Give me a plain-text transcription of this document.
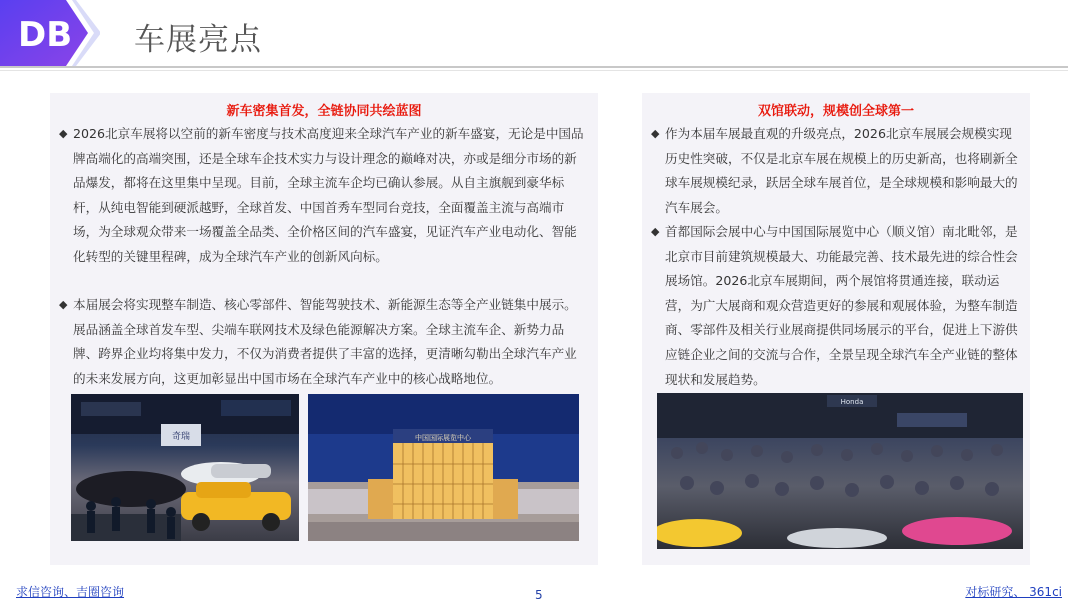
DB 车展亮点
新车密集首发，全链协同共绘蓝图
◆ 2026北京车展将以空前的新车密度与技术高度迎来全球汽车产业的新车盛宴，无论是中国品牌高端化的高端突围，还是全球车企技术实力与设计理念的巅峰对决，亦或是细分市场的新品爆发，都将在这里集中呈现。目前，全球主流车企均已确认参展。从自主旗舰到豪华标杆，从纯电智能到硬派越野，全球首发、中国首秀车型同台竞技，全面覆盖主流与高端市场，为全球观众带来一场覆盖全品类、全价格区间的汽车盛宴，见证汽车产业电动化、智能化转型的关键里程碑，成为全球汽车产业的创新风向标。
◆ 本届展会将实现整车制造、核心零部件、智能驾驶技术、新能源生态等全产业链集中展示。展品涵盖全球首发车型、尖端车联网技术及绿色能源解决方案。全球主流车企、新势力品牌、跨界企业均将集中发力，不仅为消费者提供了丰富的选择，更清晰勾勒出全球汽车产业的未来发展方向，这更加彰显出中国市场在全球汽车产业中的核心战略地位。
奇瑞	中国国际展览中心
双馆联动，规模创全球第一
◆ 作为本届车展最直观的升级亮点，2026北京车展展会规模实现历史性突破，不仅是北京车展在规模上的历史新高，也将刷新全球车展规模纪录，跃居全球车展首位，是全球规模和影响最大的汽车展会。
◆ 首都国际会展中心与中国国际展览中心（顺义馆）南北毗邻，是北京市目前建筑规模最大、功能最完善、技术最先进的综合性会展场馆。2026北京车展期间，两个展馆将贯通连接，联动运营，为广大展商和观众营造更好的参展和观展体验，为整车制造商、零部件及相关行业展商提供同场展示的平台，促进上下游供应链企业之间的交流与合作，全景呈现全球汽车全产业链的整体现状和发展趋势。
Honda
求信咨询、吉圈咨询	5	对标研究、 361ci
